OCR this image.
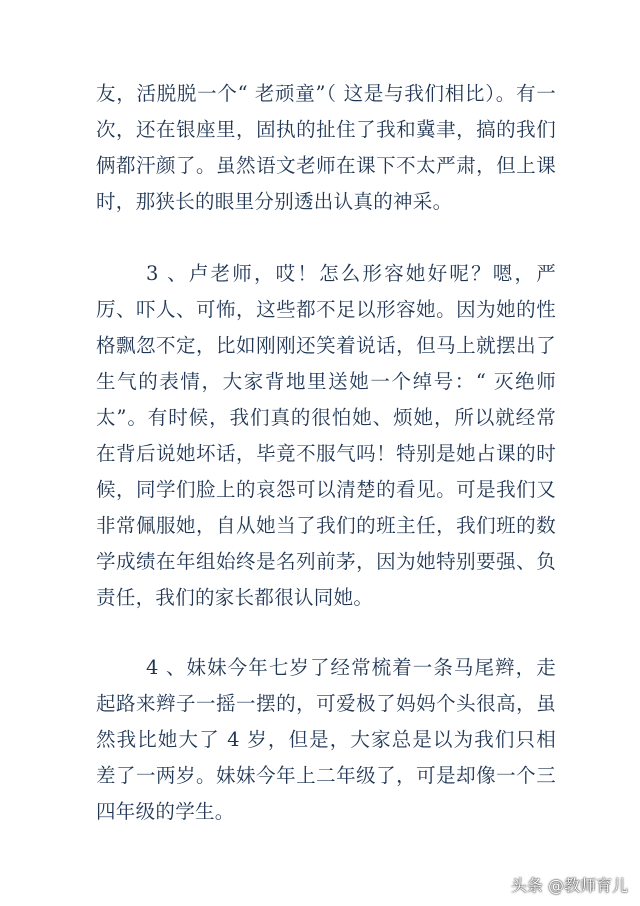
友，活脱脱一个“ 老顽童”（ 这是与我们相比）。有一次，还在银座里，固执的扯住了我和冀聿，搞的我们俩都汗颜了。虽然语文老师在课下不太严肃，但上课时，那狭长的眼里分别透出认真的神采。

3 、卢老师，哎！怎么形容她好呢？嗯，严厉、吓人、可怖，这些都不足以形容她。因为她的性格飘忽不定，比如刚刚还笑着说话，但马上就摆出了生气的表情，大家背地里送她一个绰号：“ 灭绝师太”。有时候，我们真的很怕她、烦她，所以就经常在背后说她坏话，毕竟不服气吗！特别是她占课的时候，同学们脸上的哀怨可以清楚的看见。可是我们又非常佩服她，自从她当了我们的班主任，我们班的数学成绩在年组始终是名列前茅，因为她特别要强、负责任，我们的家长都很认同她。

4 、妹妹今年七岁了经常梳着一条马尾辫，走起路来辫子一摇一摆的，可爱极了妈妈个头很高，虽然我比她大了 4 岁，但是，大家总是以为我们只相差了一两岁。妹妹今年上二年级了，可是却像一个三四年级的学生。

头条 @教师育儿
